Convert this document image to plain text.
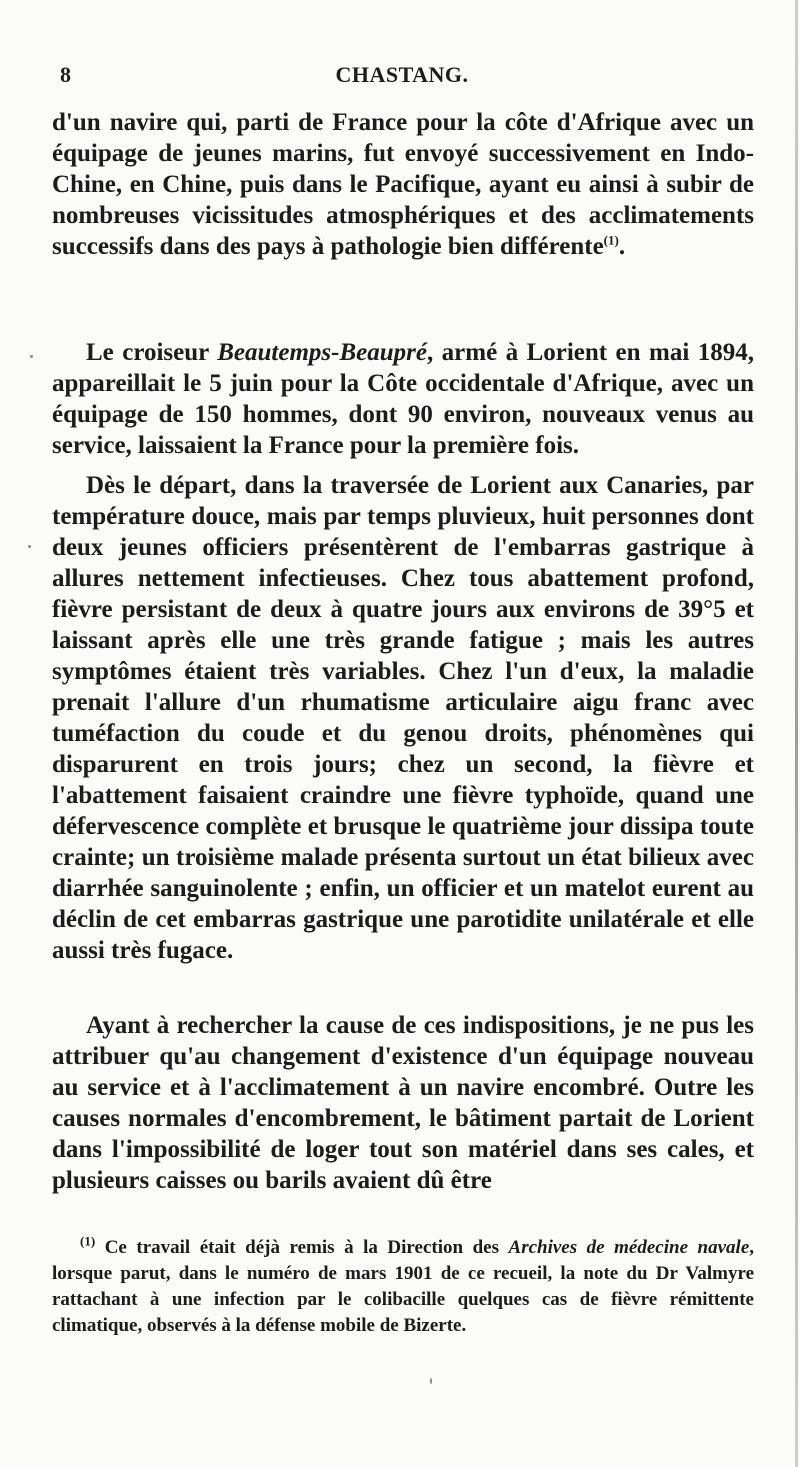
8	CHASTANG.

d'un navire qui, parti de France pour la côte d'Afrique avec un équipage de jeunes marins, fut envoyé successivement en Indo-Chine, en Chine, puis dans le Pacifique, ayant eu ainsi à subir de nombreuses vicissitudes atmosphériques et des acclimatements successifs dans des pays à pathologie bien différente$^{(1)}$.

Le croiseur Beautemps-Beaupré, armé à Lorient en mai 1894, appareillait le 5 juin pour la Côte occidentale d'Afrique, avec un équipage de 150 hommes, dont 90 environ, nouveaux venus au service, laissaient la France pour la première fois.

Dès le départ, dans la traversée de Lorient aux Canaries, par température douce, mais par temps pluvieux, huit personnes dont deux jeunes officiers présentèrent de l'embarras gastrique à allures nettement infectieuses. Chez tous abattement profond, fièvre persistant de deux à quatre jours aux environs de 39°5 et laissant après elle une très grande fatigue ; mais les autres symptômes étaient très variables. Chez l'un d'eux, la maladie prenait l'allure d'un rhumatisme articulaire aigu franc avec tuméfaction du coude et du genou droits, phénomènes qui disparurent en trois jours; chez un second, la fièvre et l'abattement faisaient craindre une fièvre typhoïde, quand une défervescence complète et brusque le quatrième jour dissipa toute crainte; un troisième malade présenta surtout un état bilieux avec diarrhée sanguinolente ; enfin, un officier et un matelot eurent au déclin de cet embarras gastrique une parotidite unilatérale et elle aussi très fugace.

Ayant à rechercher la cause de ces indispositions, je ne pus les attribuer qu'au changement d'existence d'un équipage nouveau au service et à l'acclimatement à un navire encombré. Outre les causes normales d'encombrement, le bâtiment partait de Lorient dans l'impossibilité de loger tout son matériel dans ses cales, et plusieurs caisses ou barils avaient dû être

$^{(1)}$ Ce travail était déjà remis à la Direction des Archives de médecine navale, lorsque parut, dans le numéro de mars 1901 de ce recueil, la note du Dr Valmyre rattachant à une infection par le colibacille quelques cas de fièvre rémittente climatique, observés à la défense mobile de Bizerte.
